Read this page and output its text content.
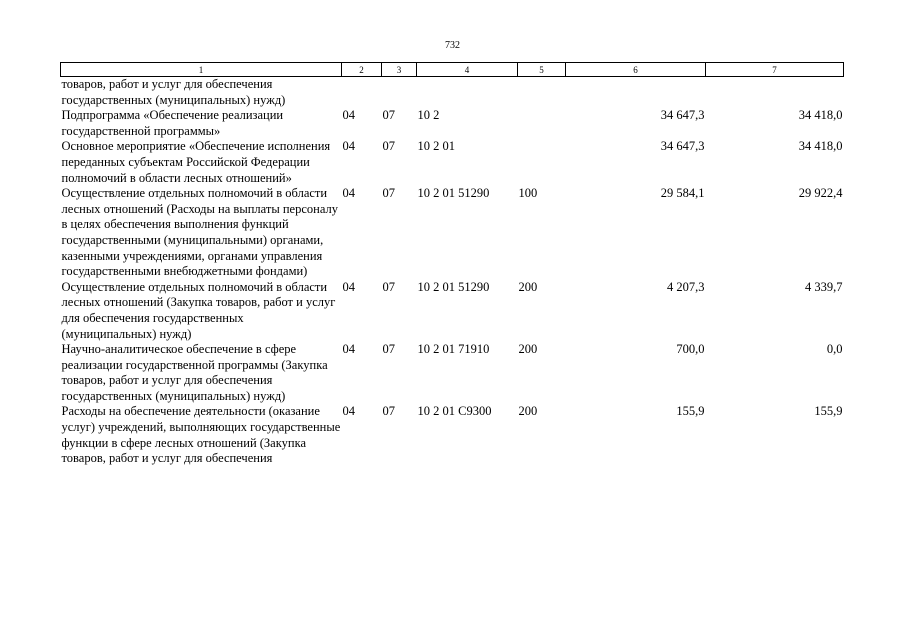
732
1	2	3	4	5	6	7
товаров, работ и услуг для обеспечения государственных (муниципальных) нужд)						
Подпрограмма «Обеспечение реализации государственной программы»	04	07	10 2		34 647,3	34 418,0
Основное мероприятие «Обеспечение исполнения переданных субъектам Российской Федерации полномочий в области лесных отношений»	04	07	10 2 01		34 647,3	34 418,0
Осуществление отдельных полномочий в области лесных отношений (Расходы на выплаты персоналу в целях обеспечения выполнения функций государственными (муниципальными) органами, казенными учреждениями, органами управления государственными внебюджетными фондами)	04	07	10 2 01 51290	100	29 584,1	29 922,4
Осуществление отдельных полномочий в области лесных отношений (Закупка товаров, работ и услуг для обеспечения государственных (муниципальных) нужд)	04	07	10 2 01 51290	200	4 207,3	4 339,7
Научно-аналитическое обеспечение в сфере реализации государственной программы (Закупка товаров, работ и услуг для обеспечения государственных (муниципальных) нужд)	04	07	10 2 01 71910	200	700,0	0,0
Расходы на обеспечение деятельности (оказание услуг) учреждений, выполняющих государственные функции в сфере лесных отношений (Закупка товаров, работ и услуг для обеспечения	04	07	10 2 01 С9300	200	155,9	155,9
